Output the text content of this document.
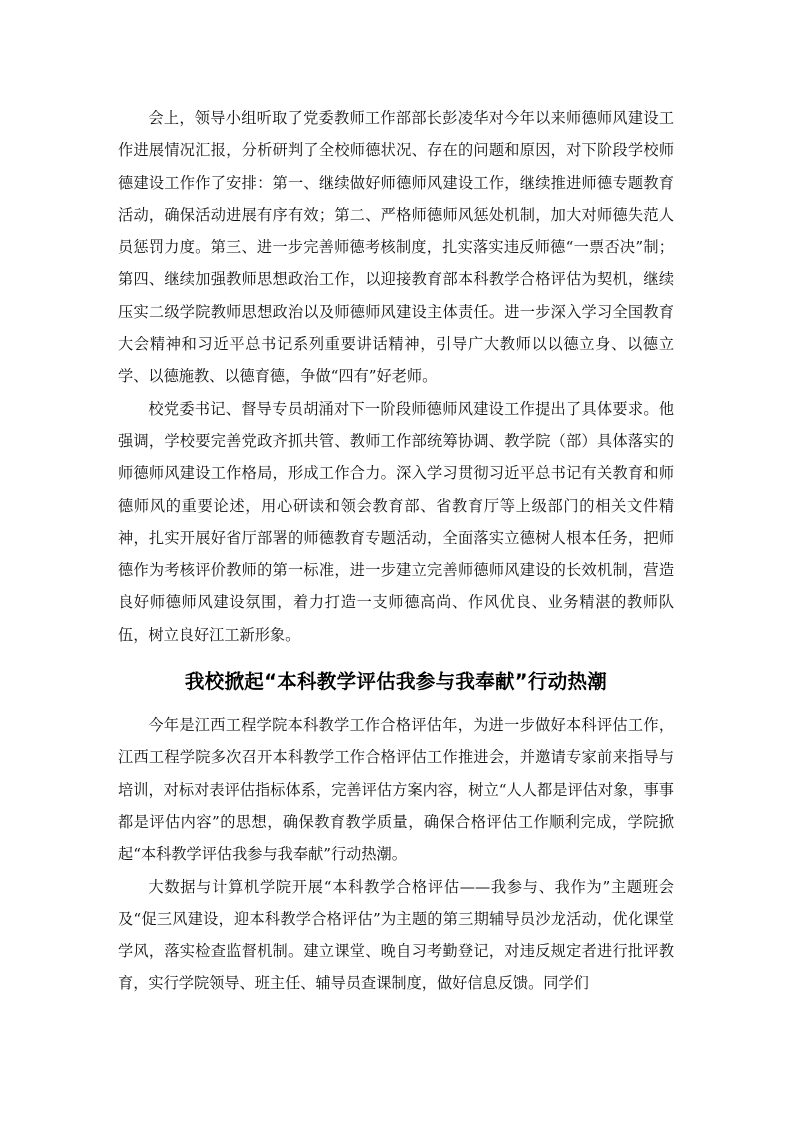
会上，领导小组听取了党委教师工作部部长彭凌华对今年以来师德师风建设工作进展情况汇报，分析研判了全校师德状况、存在的问题和原因，对下阶段学校师德建设工作作了安排：第一、继续做好师德师风建设工作，继续推进师德专题教育活动，确保活动进展有序有效；第二、严格师德师风惩处机制，加大对师德失范人员惩罚力度。第三、进一步完善师德考核制度，扎实落实违反师德“一票否决”制；第四、继续加强教师思想政治工作，以迎接教育部本科教学合格评估为契机，继续压实二级学院教师思想政治以及师德师风建设主体责任。进一步深入学习全国教育大会精神和习近平总书记系列重要讲话精神，引导广大教师以以德立身、以德立学、以德施教、以德育德，争做“四有”好老师。

校党委书记、督导专员胡涌对下一阶段师德师风建设工作提出了具体要求。他强调，学校要完善党政齐抓共管、教师工作部统筹协调、教学院（部）具体落实的师德师风建设工作格局，形成工作合力。深入学习贯彻习近平总书记有关教育和师德师风的重要论述，用心研读和领会教育部、省教育厅等上级部门的相关文件精神，扎实开展好省厅部署的师德教育专题活动，全面落实立德树人根本任务，把师德作为考核评价教师的第一标准，进一步建立完善师德师风建设的长效机制，营造良好师德师风建设氛围，着力打造一支师德高尚、作风优良、业务精湛的教师队伍，树立良好江工新形象。

我校掀起“本科教学评估我参与我奉献”行动热潮

今年是江西工程学院本科教学工作合格评估年，为进一步做好本科评估工作，江西工程学院多次召开本科教学工作合格评估工作推进会，并邀请专家前来指导与培训，对标对表评估指标体系，完善评估方案内容，树立“人人都是评估对象，事事都是评估内容”的思想，确保教育教学质量，确保合格评估工作顺利完成，学院掀起“本科教学评估我参与我奉献”行动热潮。

大数据与计算机学院开展“本科教学合格评估——我参与、我作为”主题班会及“促三风建设，迎本科教学合格评估”为主题的第三期辅导员沙龙活动，优化课堂学风，落实检查监督机制。建立课堂、晚自习考勤登记，对违反规定者进行批评教育，实行学院领导、班主任、辅导员查课制度，做好信息反馈。同学们
